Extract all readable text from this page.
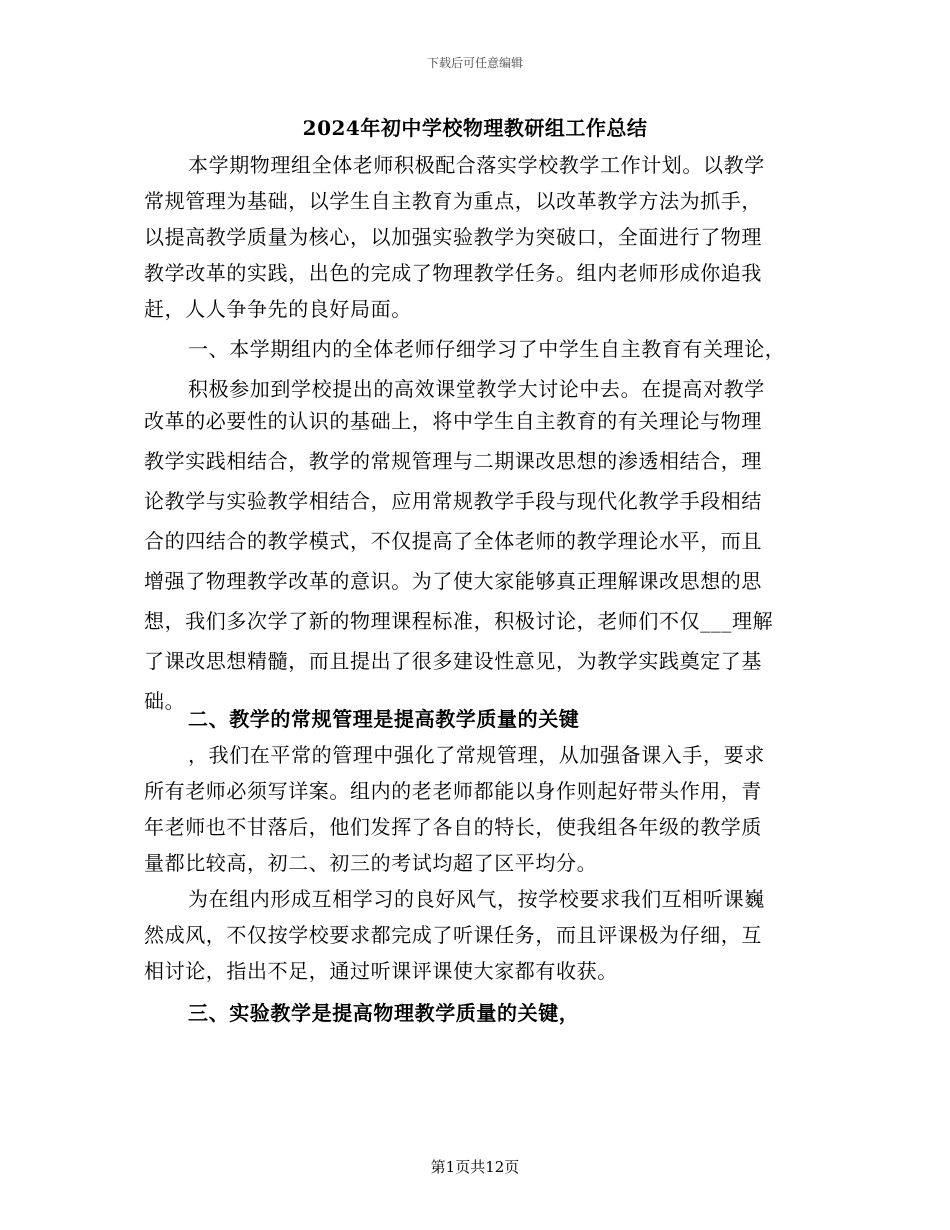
下载后可任意编辑
2024年初中学校物理教研组工作总结
本学期物理组全体老师积极配合落实学校教学工作计划。以教学
常规管理为基础，以学生自主教育为重点，以改革教学方法为抓手，
以提高教学质量为核心，以加强实验教学为突破口，全面进行了物理
教学改革的实践，出色的完成了物理教学任务。组内老师形成你追我
赶，人人争争先的良好局面。
一、本学期组内的全体老师仔细学习了中学生自主教育有关理论，
积极参加到学校提出的高效课堂教学大讨论中去。在提高对教学
改革的必要性的认识的基础上，将中学生自主教育的有关理论与物理
教学实践相结合，教学的常规管理与二期课改思想的渗透相结合，理
论教学与实验教学相结合，应用常规教学手段与现代化教学手段相结
合的四结合的教学模式，不仅提高了全体老师的教学理论水平，而且
增强了物理教学改革的意识。为了使大家能够真正理解课改思想的思
想，我们多次学了新的物理课程标准，积极讨论，老师们不仅___理解
了课改思想精髓，而且提出了很多建设性意见，为教学实践奠定了基
础。
二、教学的常规管理是提高教学质量的关键
，我们在平常的管理中强化了常规管理，从加强备课入手，要求
所有老师必须写详案。组内的老老师都能以身作则起好带头作用，青
年老师也不甘落后，他们发挥了各自的特长，使我组各年级的教学质
量都比较高，初二、初三的考试均超了区平均分。
为在组内形成互相学习的良好风气，按学校要求我们互相听课巍
然成风，不仅按学校要求都完成了听课任务，而且评课极为仔细，互
相讨论，指出不足，通过听课评课使大家都有收获。
三、实验教学是提高物理教学质量的关键，
第1页共12页
